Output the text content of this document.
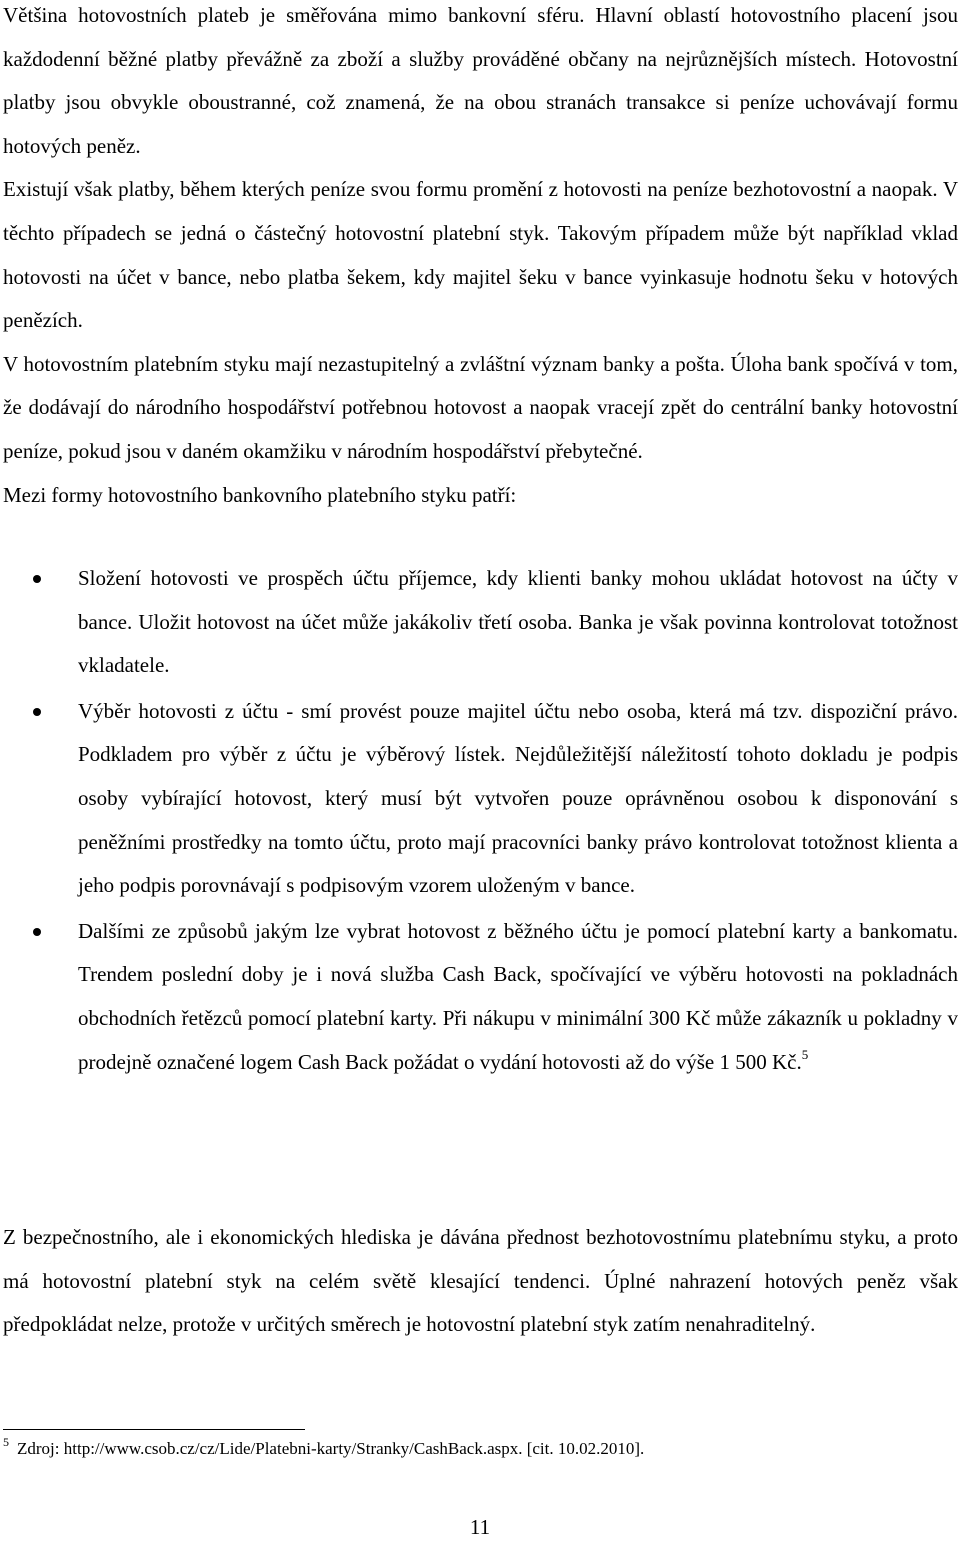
Většina hotovostních plateb je směřována mimo bankovní sféru. Hlavní oblastí hotovostního placení jsou každodenní běžné platby převážně za zboží a služby prováděné občany na nejrůznějších místech. Hotovostní platby jsou obvykle oboustranné, což znamená, že na obou stranách transakce si peníze uchovávají formu hotových peněz.

Existují však platby, během kterých peníze svou formu promění z hotovosti na peníze bezhotovostní a naopak. V těchto případech se jedná o částečný hotovostní platební styk. Takovým případem může být například vklad hotovosti na účet v bance, nebo platba šekem, kdy majitel šeku v bance vyinkasuje hodnotu šeku v hotových penězích.

V hotovostním platebním styku mají nezastupitelný a zvláštní význam banky a pošta. Úloha bank spočívá v tom, že dodávají do národního hospodářství potřebnou hotovost a naopak vracejí zpět do centrální banky hotovostní peníze, pokud jsou v daném okamžiku v národním hospodářství přebytečné.

Mezi formy hotovostního bankovního platebního styku patří:

Složení hotovosti ve prospěch účtu příjemce, kdy klienti banky mohou ukládat hotovost na účty v bance. Uložit hotovost na účet může jakákoliv třetí osoba. Banka je však povinna kontrolovat totožnost vkladatele.
Výběr hotovosti z účtu - smí provést pouze majitel účtu nebo osoba, která má tzv. dispoziční právo. Podkladem pro výběr z účtu je výběrový lístek. Nejdůležitější náležitostí tohoto dokladu je podpis osoby vybírající hotovost, který musí být vytvořen pouze oprávněnou osobou k disponování s peněžními prostředky na tomto účtu, proto mají pracovníci banky právo kontrolovat totožnost klienta a jeho podpis porovnávají s podpisovým vzorem uloženým v bance.
Dalšími ze způsobů jakým lze vybrat hotovost z běžného účtu je pomocí platební karty a bankomatu. Trendem poslední doby je i nová služba Cash Back, spočívající ve výběru hotovosti na pokladnách obchodních řetězců pomocí platební karty. Při nákupu v minimální 300 Kč může zákazník u pokladny v prodejně označené logem Cash Back požádat o vydání hotovosti až do výše 1 500 Kč.$^5$

Z bezpečnostního, ale i ekonomických hlediska je dávána přednost bezhotovostnímu platebnímu styku, a proto má hotovostní platební styk na celém světě klesající tendenci. Úplné nahrazení hotových peněz však předpokládat nelze, protože v určitých směrech je hotovostní platební styk zatím nenahraditelný.

$^5$ Zdroj: http://www.csob.cz/cz/Lide/Platebni-karty/Stranky/CashBack.aspx. [cit. 10.02.2010].
11
